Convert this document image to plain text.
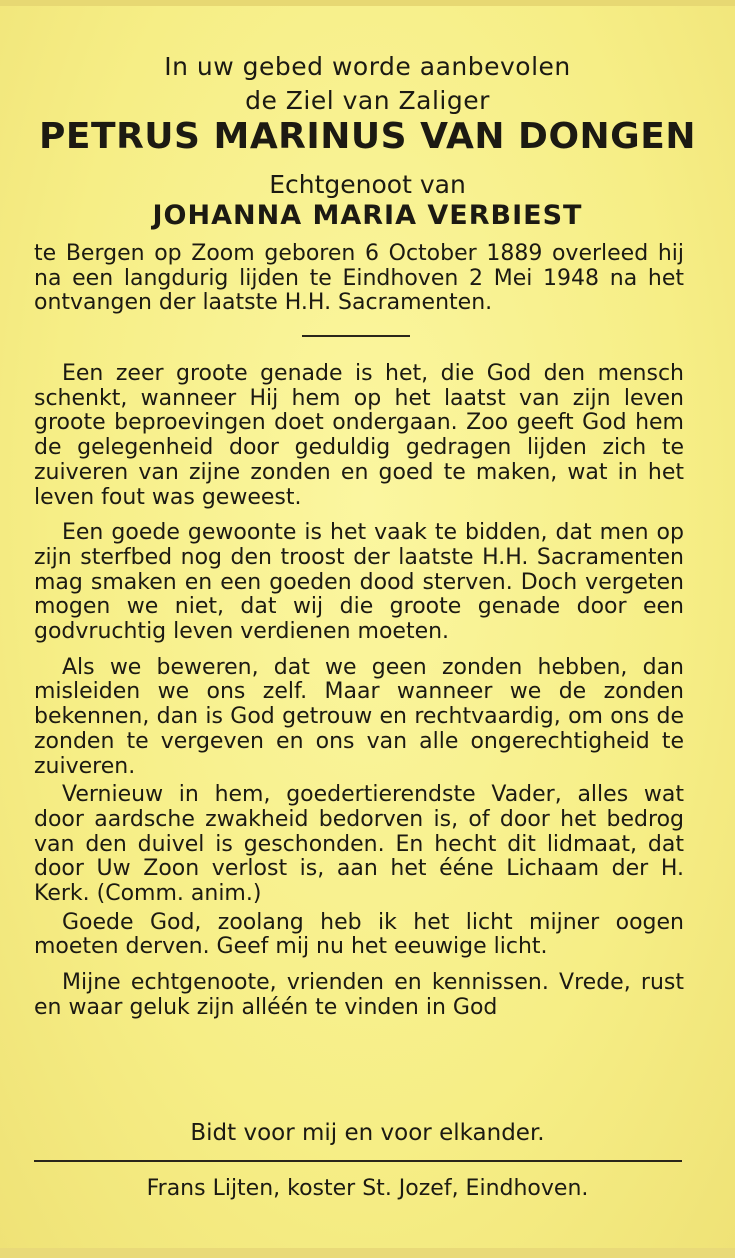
In uw gebed worde aanbevolen
de Ziel van Zaliger
PETRUS MARINUS VAN DONGEN
Echtgenoot van
JOHANNA MARIA VERBIEST
te Bergen op Zoom geboren 6 October 1889 overleed hij na een langdurig lijden te Eindhoven 2 Mei 1948 na het ontvangen der laatste H.H. Sacramenten.

Een zeer groote genade is het, die God den mensch schenkt, wanneer Hij hem op het laatst van zijn leven groote beproevingen doet ondergaan. Zoo geeft God hem de gelegenheid door geduldig gedragen lijden zich te zuiveren van zijne zonden en goed te maken, wat in het leven fout was geweest.

Een goede gewoonte is het vaak te bidden, dat men op zijn sterfbed nog den troost der laatste H.H. Sacramenten mag smaken en een goeden dood sterven. Doch vergeten mogen we niet, dat wij die groote genade door een godvruchtig leven verdienen moeten.

Als we beweren, dat we geen zonden hebben, dan misleiden we ons zelf. Maar wanneer we de zonden bekennen, dan is God getrouw en rechtvaardig, om ons de zonden te vergeven en ons van alle ongerechtigheid te zuiveren.

Vernieuw in hem, goedertierendste Vader, alles wat door aardsche zwakheid bedorven is, of door het bedrog van den duivel is geschonden. En hecht dit lidmaat, dat door Uw Zoon verlost is, aan het ééne Lichaam der H. Kerk. (Comm. anim.)

Goede God, zoolang heb ik het licht mijner oogen moeten derven. Geef mij nu het eeuwige licht.

Mijne echtgenoote, vrienden en kennissen. Vrede, rust en waar geluk zijn alléén te vinden in God

Bidt voor mij en voor elkander.
Frans Lijten, koster St. Jozef, Eindhoven.
